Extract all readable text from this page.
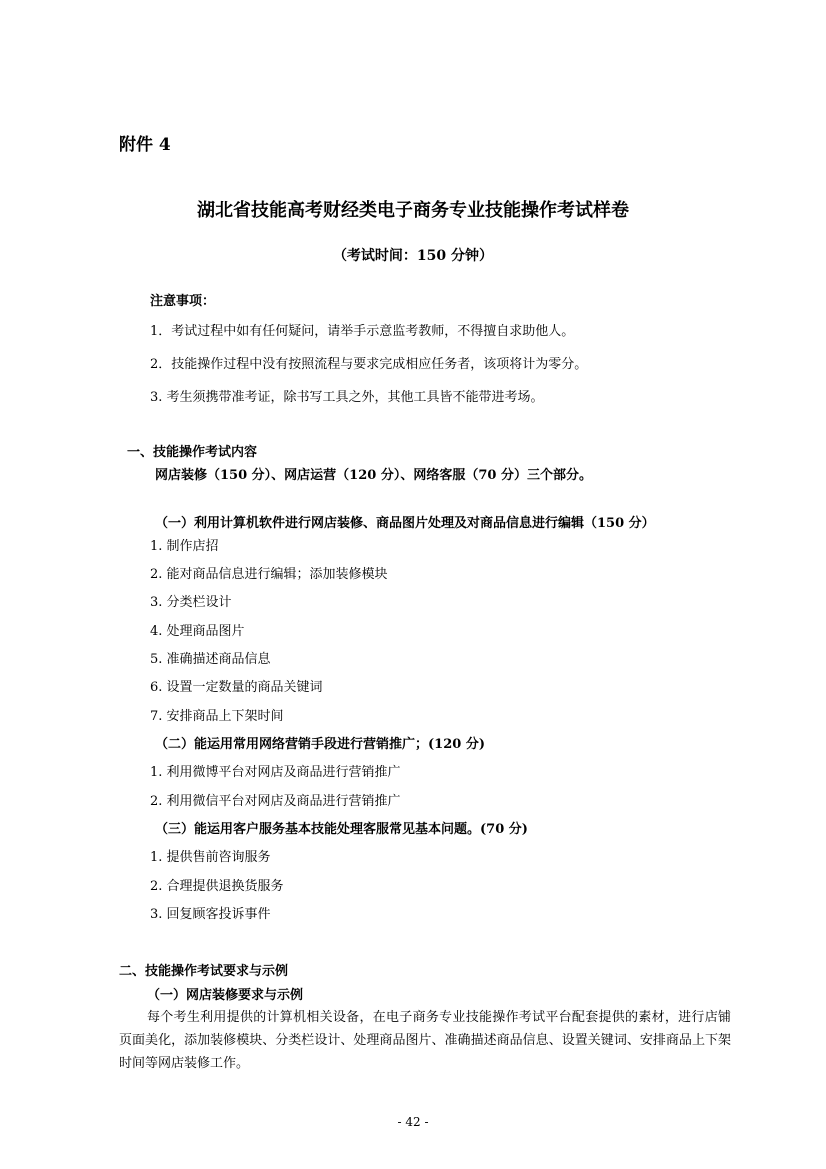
附件 4
湖北省技能高考财经类电子商务专业技能操作考试样卷
（考试时间：150 分钟）
注意事项：
1．考试过程中如有任何疑问，请举手示意监考教师，不得擅自求助他人。
2．技能操作过程中没有按照流程与要求完成相应任务者，该项将计为零分。
3. 考生须携带准考证，除书写工具之外，其他工具皆不能带进考场。
一、技能操作考试内容
网店装修（150 分）、网店运营（120 分）、网络客服（70 分）三个部分。
（一）利用计算机软件进行网店装修、商品图片处理及对商品信息进行编辑（150 分）
1. 制作店招
2. 能对商品信息进行编辑；添加装修模块
3. 分类栏设计
4. 处理商品图片
5. 准确描述商品信息
6. 设置一定数量的商品关键词
7. 安排商品上下架时间
（二）能运用常用网络营销手段进行营销推广；(120 分)
1. 利用微博平台对网店及商品进行营销推广
2. 利用微信平台对网店及商品进行营销推广
（三）能运用客户服务基本技能处理客服常见基本问题。(70 分)
1. 提供售前咨询服务
2. 合理提供退换货服务
3. 回复顾客投诉事件
二、技能操作考试要求与示例
（一）网店装修要求与示例
每个考生利用提供的计算机相关设备，在电子商务专业技能操作考试平台配套提供的素材，进行店铺页面美化，添加装修模块、分类栏设计、处理商品图片、准确描述商品信息、设置关键词、安排商品上下架时间等网店装修工作。
- 42 -
